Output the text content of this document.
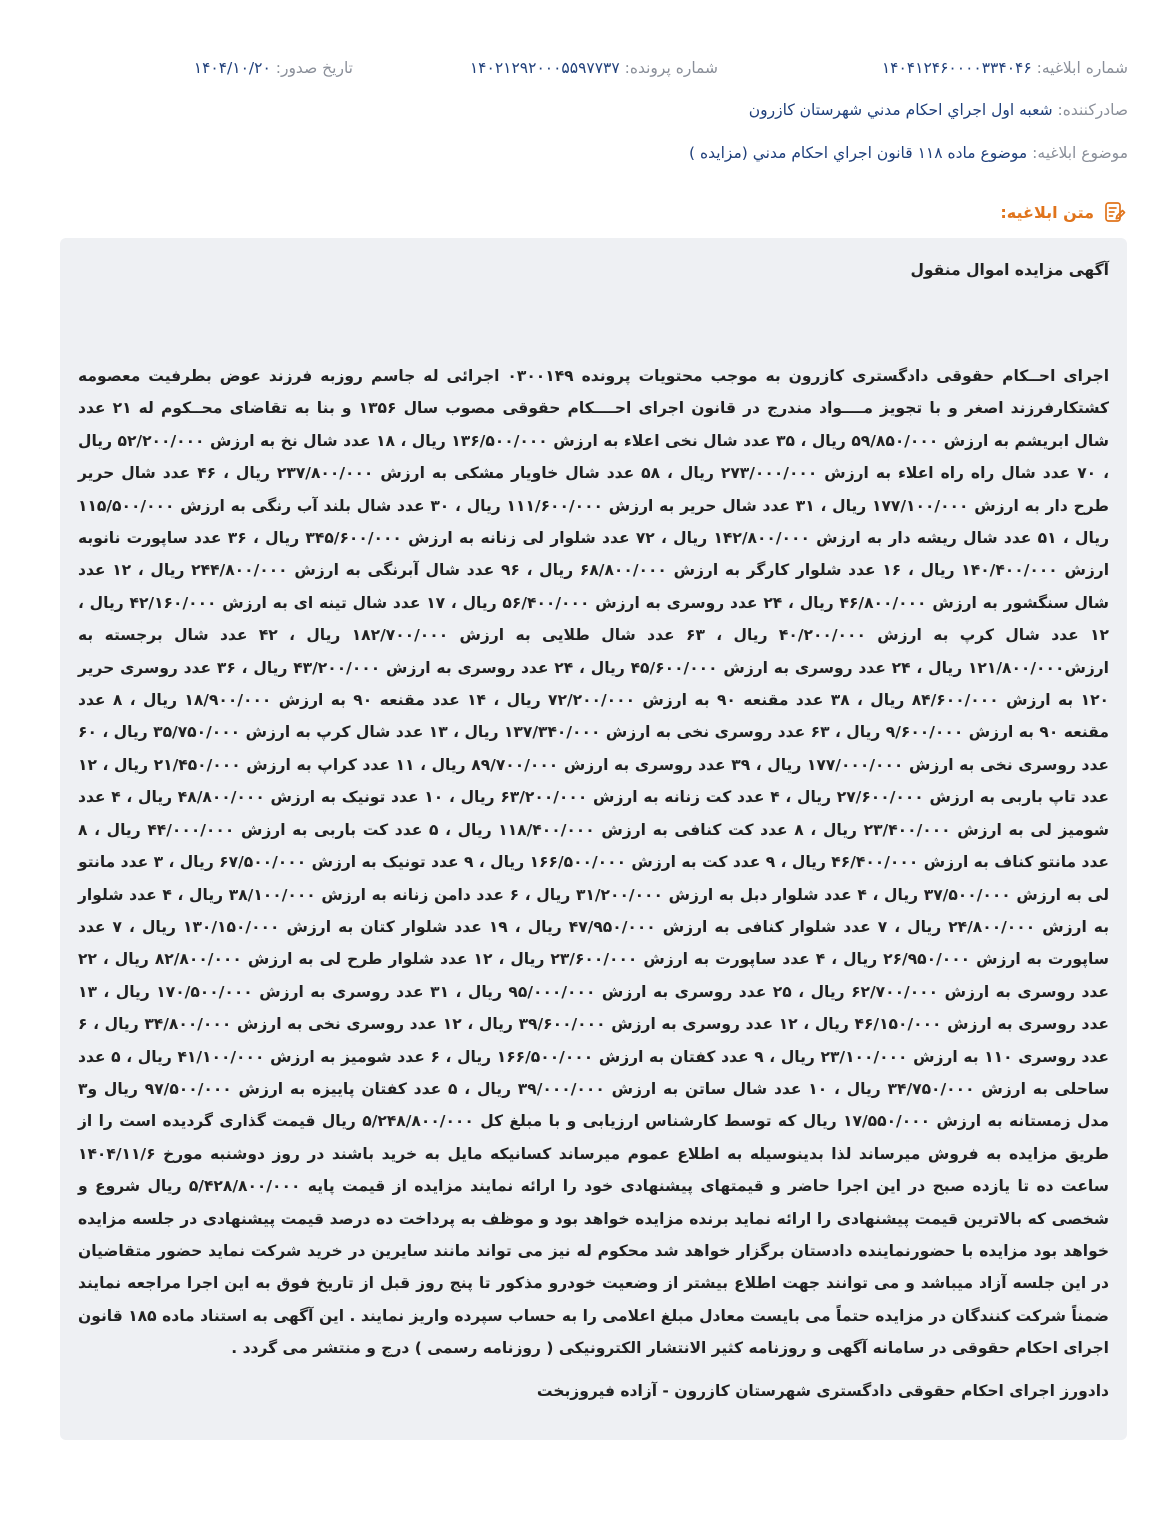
شماره ابلاغیه: ۱۴۰۴۱۲۴۶۰۰۰۰۳۳۴۰۴۶
شماره پرونده: ۱۴۰۲۱۲۹۲۰۰۰۵۵۹۷۷۳۷
تاریخ صدور: ۱۴۰۴/۱۰/۲۰
صادرکننده: شعبه اول اجراي احكام مدني شهرستان كازرون
موضوع ابلاغیه: موضوع ماده ۱۱۸ قانون اجراي احكام مدني (مزايده )
متن ابلاغیه:

آگهی مزایده اموال منقول

اجرای احــکام حقوقی دادگستری کازرون به موجب محتویات پرونده ۰۳۰۰۱۴۹ اجرائی له جاسم روزبه فرزند عوض بطرفیت معصومه کشتکارفرزند اصغر و با تجویز مــــواد مندرج در قانون اجرای احــــکام حقوقی مصوب سال ۱۳۵۶ و بنا به تقاضای محــکوم له ۲۱ عدد شال ابریشم به ارزش ۵۹/۸۵۰/۰۰۰ ریال ، ۳۵ عدد شال نخی اعلاء به ارزش ۱۳۶/۵۰۰/۰۰۰ ریال ، ۱۸ عدد شال نخ به ارزش ۵۲/۲۰۰/۰۰۰ ریال ، ۷۰ عدد شال راه راه اعلاء به ارزش ۲۷۳/۰۰۰/۰۰۰ ریال ، ۵۸ عدد شال خاویار مشکی به ارزش ۲۳۷/۸۰۰/۰۰۰ ریال ، ۴۶ عدد شال حریر طرح دار به ارزش ۱۷۷/۱۰۰/۰۰۰ ریال ، ۳۱ عدد شال حریر به ارزش ۱۱۱/۶۰۰/۰۰۰ ریال ، ۳۰ عدد شال بلند آب رنگی به ارزش ۱۱۵/۵۰۰/۰۰۰ ریال ، ۵۱ عدد شال ریشه دار به ارزش ۱۴۲/۸۰۰/۰۰۰ ریال ، ۷۲ عدد شلوار لی زنانه به ارزش ۳۴۵/۶۰۰/۰۰۰ ریال ، ۳۶ عدد ساپورت نانوبه ارزش ۱۴۰/۴۰۰/۰۰۰ ریال ، ۱۶ عدد شلوار کارگر به ارزش ۶۸/۸۰۰/۰۰۰ ریال ، ۹۶ عدد شال آبرنگی به ارزش ۲۴۴/۸۰۰/۰۰۰ ریال ، ۱۲ عدد شال سنگشور به ارزش ۴۶/۸۰۰/۰۰۰ ریال ، ۲۴ عدد روسری به ارزش ۵۶/۴۰۰/۰۰۰ ریال ، ۱۷ عدد شال تینه ای به ارزش ۴۲/۱۶۰/۰۰۰ ریال ، ۱۲ عدد شال کرپ به ارزش ۴۰/۲۰۰/۰۰۰ ریال ، ۶۳ عدد شال طلایی به ارزش ۱۸۲/۷۰۰/۰۰۰ ریال ، ۴۲ عدد شال برجسته به ارزش۱۲۱/۸۰۰/۰۰۰ ریال ، ۲۴ عدد روسری به ارزش ۴۵/۶۰۰/۰۰۰ ریال ، ۲۴ عدد روسری به ارزش ۴۳/۲۰۰/۰۰۰ ریال ، ۳۶ عدد روسری حریر ۱۲۰ به ارزش ۸۴/۶۰۰/۰۰۰ ریال ، ۳۸ عدد مقنعه ۹۰ به ارزش ۷۲/۲۰۰/۰۰۰ ریال ، ۱۴ عدد مقنعه ۹۰ به ارزش ۱۸/۹۰۰/۰۰۰ ریال ، ۸ عدد مقنعه ۹۰ به ارزش ۹/۶۰۰/۰۰۰ ریال ، ۶۳ عدد روسری نخی به ارزش ۱۳۷/۳۴۰/۰۰۰ ریال ، ۱۳ عدد شال کرپ به ارزش ۳۵/۷۵۰/۰۰۰ ریال ، ۶۰ عدد روسری نخی به ارزش ۱۷۷/۰۰۰/۰۰۰ ریال ، ۳۹ عدد روسری به ارزش ۸۹/۷۰۰/۰۰۰ ریال ، ۱۱ عدد کراپ به ارزش ۲۱/۴۵۰/۰۰۰ ریال ، ۱۲ عدد تاپ باربی به ارزش ۲۷/۶۰۰/۰۰۰ ریال ، ۴ عدد کت زنانه به ارزش ۶۳/۲۰۰/۰۰۰ ریال ، ۱۰ عدد تونیک به ارزش ۴۸/۸۰۰/۰۰۰ ریال ، ۴ عدد شومیز لی به ارزش ۲۳/۴۰۰/۰۰۰ ریال ، ۸ عدد کت کنافی به ارزش ۱۱۸/۴۰۰/۰۰۰ ریال ، ۵ عدد کت باربی به ارزش ۴۴/۰۰۰/۰۰۰ ریال ، ۸ عدد مانتو کناف به ارزش ۴۶/۴۰۰/۰۰۰ ریال ، ۹ عدد کت به ارزش ۱۶۶/۵۰۰/۰۰۰ ریال ، ۹ عدد تونیک به ارزش ۶۷/۵۰۰/۰۰۰ ریال ، ۳ عدد مانتو لی به ارزش ۳۷/۵۰۰/۰۰۰ ریال ، ۴ عدد شلوار دبل به ارزش ۳۱/۲۰۰/۰۰۰ ریال ، ۶ عدد دامن زنانه به ارزش ۳۸/۱۰۰/۰۰۰ ریال ، ۴ عدد شلوار به ارزش ۲۴/۸۰۰/۰۰۰ ریال ، ۷ عدد شلوار کنافی به ارزش ۴۷/۹۵۰/۰۰۰ ریال ، ۱۹ عدد شلوار کتان به ارزش ۱۳۰/۱۵۰/۰۰۰ ریال ، ۷ عدد ساپورت به ارزش ۲۶/۹۵۰/۰۰۰ ریال ، ۴ عدد ساپورت به ارزش ۲۳/۶۰۰/۰۰۰ ریال ، ۱۲ عدد شلوار طرح لی به ارزش ۸۲/۸۰۰/۰۰۰ ریال ، ۲۲ عدد روسری به ارزش ۶۲/۷۰۰/۰۰۰ ریال ، ۲۵ عدد روسری به ارزش ۹۵/۰۰۰/۰۰۰ ریال ، ۳۱ عدد روسری به ارزش ۱۷۰/۵۰۰/۰۰۰ ریال ، ۱۳ عدد روسری به ارزش ۴۶/۱۵۰/۰۰۰ ریال ، ۱۲ عدد روسری به ارزش ۳۹/۶۰۰/۰۰۰ ریال ، ۱۲ عدد روسری نخی به ارزش ۳۴/۸۰۰/۰۰۰ ریال ، ۶ عدد روسری ۱۱۰ به ارزش ۲۳/۱۰۰/۰۰۰ ریال ، ۹ عدد کفتان به ارزش ۱۶۶/۵۰۰/۰۰۰ ریال ، ۶ عدد شومیز به ارزش ۴۱/۱۰۰/۰۰۰ ریال ، ۵ عدد ساحلی به ارزش ۳۴/۷۵۰/۰۰۰ ریال ، ۱۰ عدد شال ساتن به ارزش ۳۹/۰۰۰/۰۰۰ ریال ، ۵ عدد کفتان پاییزه به ارزش ۹۷/۵۰۰/۰۰۰ ریال و۳ مدل زمستانه به ارزش ۱۷/۵۵۰/۰۰۰ ریال که توسط کارشناس ارزیابی و با مبلغ کل ۵/۲۴۸/۸۰۰/۰۰۰ ریال قیمت گذاری گردیده است را از طریق مزایده به فروش میرساند لذا بدینوسیله به اطلاع عموم میرساند کسانیکه مایل به خرید باشند در روز دوشنبه مورخ ۱۴۰۴/۱۱/۶ ساعت ده تا یازده صبح در این اجرا حاضر و قیمتهای پیشنهادی خود را ارائه نمایند مزایده از قیمت پایه ۵/۴۲۸/۸۰۰/۰۰۰ ریال شروع و شخصی که بالاترین قیمت پیشنهادی را ارائه نماید برنده مزایده خواهد بود و موظف به پرداخت ده درصد قیمت پیشنهادی در جلسه مزایده خواهد بود مزایده با حضورنماینده دادستان برگزار خواهد شد محکوم له نیز می تواند مانند سایرین در خرید شرکت نماید حضور متقاضیان در این جلسه آزاد میباشد و می توانند جهت اطلاع بیشتر از وضعیت خودرو مذکور تا پنج روز قبل از تاریخ فوق به این اجرا مراجعه نمایند ضمناً شرکت کنندگان در مزایده حتماً می بایست معادل مبلغ اعلامی را به حساب سپرده واریز نمایند . این آگهی به استناد ماده ۱۸۵ قانون اجرای احکام حقوقی در سامانه آگهی و روزنامه کثیر الانتشار الکترونیکی ( روزنامه رسمی ) درج و منتشر می گردد .

دادورز اجرای احکام حقوقی دادگستری شهرستان کازرون - آزاده فیروزبخت
